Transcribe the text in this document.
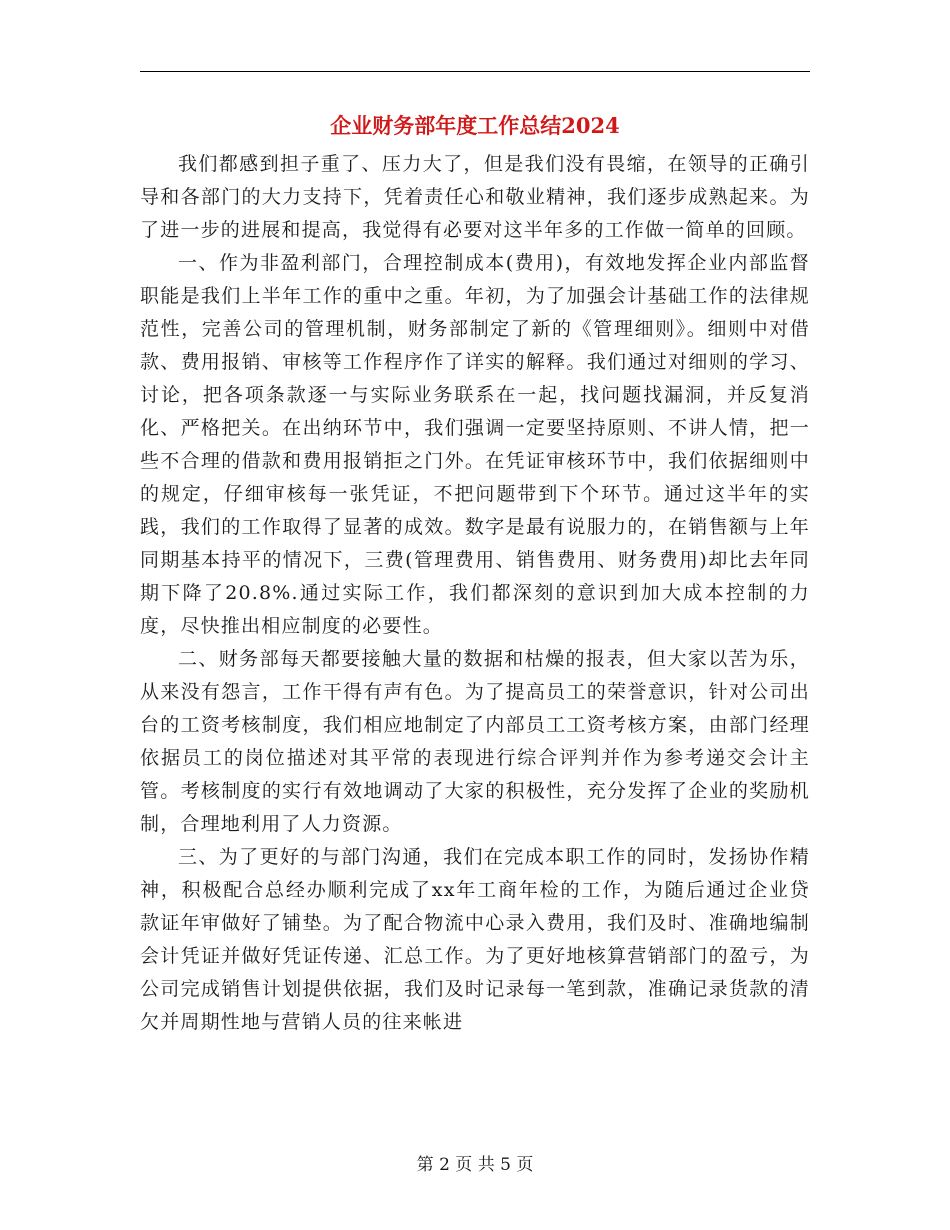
企业财务部年度工作总结2024

我们都感到担子重了、压力大了，但是我们没有畏缩，在领导的正确引导和各部门的大力支持下，凭着责任心和敬业精神，我们逐步成熟起来。为了进一步的进展和提高，我觉得有必要对这半年多的工作做一简单的回顾。

一、作为非盈利部门，合理控制成本(费用)，有效地发挥企业内部监督职能是我们上半年工作的重中之重。年初，为了加强会计基础工作的法律规范性，完善公司的管理机制，财务部制定了新的《管理细则》。细则中对借款、费用报销、审核等工作程序作了详实的解释。我们通过对细则的学习、讨论，把各项条款逐一与实际业务联系在一起，找问题找漏洞，并反复消化、严格把关。在出纳环节中，我们强调一定要坚持原则、不讲人情，把一些不合理的借款和费用报销拒之门外。在凭证审核环节中，我们依据细则中的规定，仔细审核每一张凭证，不把问题带到下个环节。通过这半年的实践，我们的工作取得了显著的成效。数字是最有说服力的，在销售额与上年同期基本持平的情况下，三费(管理费用、销售费用、财务费用)却比去年同期下降了20.8%.通过实际工作，我们都深刻的意识到加大成本控制的力度，尽快推出相应制度的必要性。

二、财务部每天都要接触大量的数据和枯燥的报表，但大家以苦为乐，从来没有怨言，工作干得有声有色。为了提高员工的荣誉意识，针对公司出台的工资考核制度，我们相应地制定了内部员工工资考核方案，由部门经理依据员工的岗位描述对其平常的表现进行综合评判并作为参考递交会计主管。考核制度的实行有效地调动了大家的积极性，充分发挥了企业的奖励机制，合理地利用了人力资源。

三、为了更好的与部门沟通，我们在完成本职工作的同时，发扬协作精神，积极配合总经办顺利完成了xx年工商年检的工作，为随后通过企业贷款证年审做好了铺垫。为了配合物流中心录入费用，我们及时、准确地编制会计凭证并做好凭证传递、汇总工作。为了更好地核算营销部门的盈亏，为公司完成销售计划提供依据，我们及时记录每一笔到款，准确记录货款的清欠并周期性地与营销人员的往来帐进

第 2 页 共 5 页
